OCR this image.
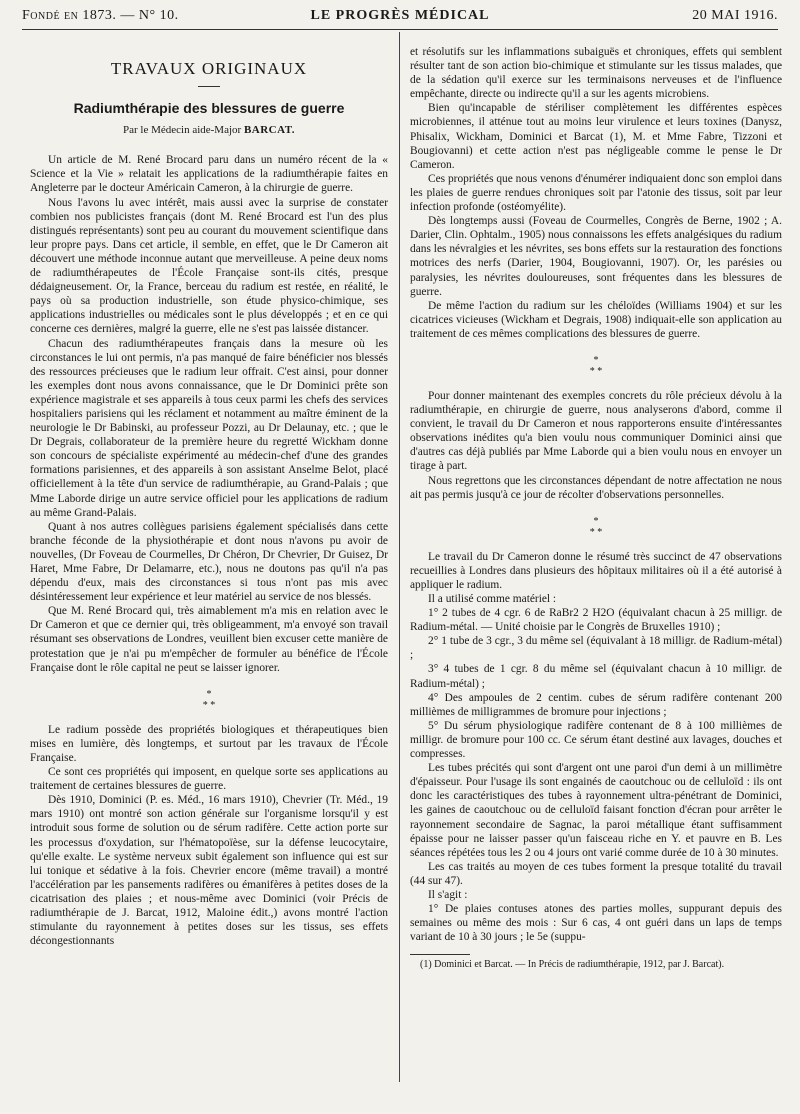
Fondé en 1873. — N° 10.	LE PROGRÈS MÉDICAL	20 MAI 1916.
TRAVAUX ORIGINAUX
Radiumthérapie des blessures de guerre
Par le Médecin aide-Major BARCAT.

Un article de M. René Brocard paru dans un numéro récent de la « Science et la Vie » relatait les applications de la radiumthérapie faites en Angleterre par le docteur Américain Cameron, à la chirurgie de guerre.

Nous l'avons lu avec intérêt, mais aussi avec la surprise de constater combien nos publicistes français (dont M. René Brocard est l'un des plus distingués représentants) sont peu au courant du mouvement scientifique dans leur propre pays. Dans cet article, il semble, en effet, que le Dr Cameron ait découvert une méthode inconnue autant que merveilleuse. A peine deux noms de radiumthérapeutes de l'École Française sont-ils cités, presque dédaigneusement. Or, la France, berceau du radium est restée, en réalité, le pays où sa production industrielle, son étude physico-chimique, ses applications industrielles ou médicales sont le plus développés ; et en ce qui concerne ces dernières, malgré la guerre, elle ne s'est pas laissée distancer.

Chacun des radiumthérapeutes français dans la mesure où les circonstances le lui ont permis, n'a pas manqué de faire bénéficier nos blessés des ressources précieuses que le radium leur offrait. C'est ainsi, pour donner les exemples dont nous avons connaissance, que le Dr Dominici prête son expérience magistrale et ses appareils à tous ceux parmi les chefs des services hospitaliers parisiens qui les réclament et notamment au maître éminent de la neurologie le Dr Babinski, au professeur Pozzi, au Dr Delaunay, etc. ; que le Dr Degrais, collaborateur de la première heure du regretté Wickham donne son concours de spécialiste expérimenté au médecin-chef d'une des grandes formations parisiennes, et des appareils à son assistant Anselme Belot, placé officiellement à la tête d'un service de radiumthérapie, au Grand-Palais ; que Mme Laborde dirige un autre service officiel pour les applications de radium au même Grand-Palais.

Quant à nos autres collègues parisiens également spécialisés dans cette branche féconde de la physiothérapie et dont nous n'avons pu avoir de nouvelles, (Dr Foveau de Courmelles, Dr Chéron, Dr Chevrier, Dr Guisez, Dr Haret, Mme Fabre, Dr Delamarre, etc.), nous ne doutons pas qu'il n'a pas dépendu d'eux, mais des circonstances si tous n'ont pas mis avec désintéressement leur expérience et leur matériel au service de nos blessés.

Que M. René Brocard qui, très aimablement m'a mis en relation avec le Dr Cameron et que ce dernier qui, très obligeamment, m'a envoyé son travail résumant ses observations de Londres, veuillent bien excuser cette manière de protestation que je n'ai pu m'empêcher de formuler au bénéfice de l'École Française dont le rôle capital ne peut se laisser ignorer.

*
* *

Le radium possède des propriétés biologiques et thérapeutiques bien mises en lumière, dès longtemps, et surtout par les travaux de l'École Française.

Ce sont ces propriétés qui imposent, en quelque sorte ses applications au traitement de certaines blessures de guerre.

Dès 1910, Dominici (P. es. Méd., 16 mars 1910), Chevrier (Tr. Méd., 19 mars 1910) ont montré son action générale sur l'organisme lorsqu'il y est introduit sous forme de solution ou de sérum radifère. Cette action porte sur les processus d'oxydation, sur l'hématopoïèse, sur la défense leucocytaire, qu'elle exalte. Le système nerveux subit également son influence qui est sur lui tonique et sédative à la fois. Chevrier encore (même travail) a montré l'accélération par les pansements radifères ou émanifères à petites doses de la cicatrisation des plaies ; et nous-même avec Dominici (voir Précis de radiumthérapie de J. Barcat, 1912, Maloine édit.,) avons montré l'action stimulante du rayonnement à petites doses sur les tissus, ses effets décongestionnants

et résolutifs sur les inflammations subaiguës et chroniques, effets qui semblent résulter tant de son action bio-chimique et stimulante sur les tissus malades, que de la sédation qu'il exerce sur les terminaisons nerveuses et de l'influence empêchante, directe ou indirecte qu'il a sur les agents microbiens.

Bien qu'incapable de stériliser complètement les différentes espèces microbiennes, il atténue tout au moins leur virulence et leurs toxines (Danysz, Phisalix, Wickham, Dominici et Barcat (1), M. et Mme Fabre, Tizzoni et Bougiovanni) et cette action n'est pas négligeable comme le pense le Dr Cameron.

Ces propriétés que nous venons d'énumérer indiquaient donc son emploi dans les plaies de guerre rendues chroniques soit par l'atonie des tissus, soit par leur infection profonde (ostéomyélite).

Dès longtemps aussi (Foveau de Courmelles, Congrès de Berne, 1902 ; A. Darier, Clin. Ophtalm., 1905) nous connaissons les effets analgésiques du radium dans les névralgies et les névrites, ses bons effets sur la restauration des fonctions motrices des nerfs (Darier, 1904, Bougiovanni, 1907). Or, les parésies ou paralysies, les névrites douloureuses, sont fréquentes dans les blessures de guerre.

De même l'action du radium sur les chéloïdes (Williams 1904) et sur les cicatrices vicieuses (Wickham et Degrais, 1908) indiquait-elle son application au traitement de ces mêmes complications des blessures de guerre.

*
* *

Pour donner maintenant des exemples concrets du rôle précieux dévolu à la radiumthérapie, en chirurgie de guerre, nous analyserons d'abord, comme il convient, le travail du Dr Cameron et nous rapporterons ensuite d'intéressantes observations inédites qu'a bien voulu nous communiquer Dominici ainsi que d'autres cas déjà publiés par Mme Laborde qui a bien voulu nous en envoyer un tirage à part.

Nous regrettons que les circonstances dépendant de notre affectation ne nous ait pas permis jusqu'à ce jour de récolter d'observations personnelles.

*
* *

Le travail du Dr Cameron donne le résumé très succinct de 47 observations recueillies à Londres dans plusieurs des hôpitaux militaires où il a été autorisé à appliquer le radium.

Il a utilisé comme matériel :

1° 2 tubes de 4 cgr. 6 de RaBr2 2 H2O (équivalant chacun à 25 milligr. de Radium-métal. — Unité choisie par le Congrès de Bruxelles 1910) ;

2° 1 tube de 3 cgr., 3 du même sel (équivalant à 18 milligr. de Radium-métal) ;

3° 4 tubes de 1 cgr. 8 du même sel (équivalant chacun à 10 milligr. de Radium-métal) ;

4° Des ampoules de 2 centim. cubes de sérum radifère contenant 200 millièmes de milligrammes de bromure pour injections ;

5° Du sérum physiologique radifère contenant de 8 à 100 millièmes de milligr. de bromure pour 100 cc. Ce sérum étant destiné aux lavages, douches et compresses.

Les tubes précités qui sont d'argent ont une paroi d'un demi à un millimètre d'épaisseur. Pour l'usage ils sont engainés de caoutchouc ou de celluloïd : ils ont donc les caractéristiques des tubes à rayonnement ultra-pénétrant de Dominici, les gaines de caoutchouc ou de celluloïd faisant fonction d'écran pour arrêter le rayonnement secondaire de Sagnac, la paroi métallique étant suffisamment épaisse pour ne laisser passer qu'un faisceau riche en Y. et pauvre en B. Les séances répétées tous les 2 ou 4 jours ont varié comme durée de 10 à 30 minutes.

Les cas traités au moyen de ces tubes forment la presque totalité du travail (44 sur 47).

Il s'agit :

1° De plaies contuses atones des parties molles, suppurant depuis des semaines ou même des mois : Sur 6 cas, 4 ont guéri dans un laps de temps variant de 10 à 30 jours ; le 5e (suppu-

(1) Dominici et Barcat. — In Précis de radiumthérapie, 1912, par J. Barcat).
